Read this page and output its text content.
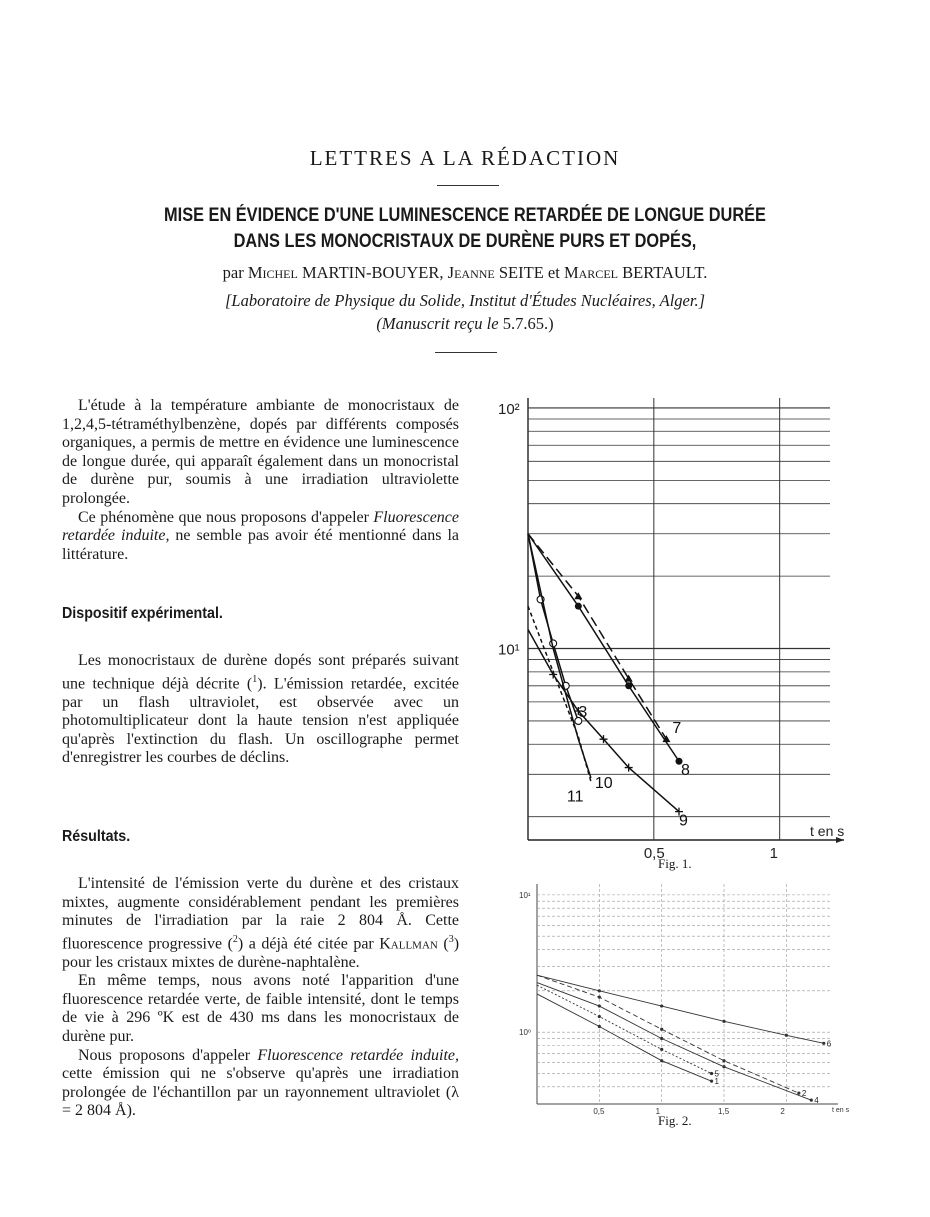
LETTRES A LA RÉDACTION
MISE EN ÉVIDENCE D'UNE LUMINESCENCE RETARDÉE DE LONGUE DURÉE
DANS LES MONOCRISTAUX DE DURÈNE PURS ET DOPÉS,
par Michel MARTIN-BOUYER, Jeanne SEITE et Marcel BERTAULT.
[Laboratoire de Physique du Solide, Institut d'Études Nucléaires, Alger.]
(Manuscrit reçu le 5.7.65.)

L'étude à la température ambiante de monocristaux de 1,2,4,5-tétraméthylbenzène, dopés par différents composés organiques, a permis de mettre en évidence une luminescence de longue durée, qui apparaît également dans un monocristal de durène pur, soumis à une irradiation ultraviolette prolongée.

Ce phénomène que nous proposons d'appeler Fluorescence retardée induite, ne semble pas avoir été mentionné dans la littérature.

Dispositif expérimental.

Les monocristaux de durène dopés sont préparés suivant une technique déjà décrite ($^1$). L'émission retardée, excitée par un flash ultraviolet, est observée avec un photomultiplicateur dont la haute tension n'est appliquée qu'après l'extinction du flash. Un oscillographe permet d'enregistrer les courbes de déclins.

Résultats.

L'intensité de l'émission verte du durène et des cristaux mixtes, augmente considérablement pendant les premières minutes de l'irradiation par la raie 2 804 Å. Cette fluorescence progressive ($^2$) a déjà été citée par Kallman ($^3$) pour les cristaux mixtes de durène-naphtalène.

En même temps, nous avons noté l'apparition d'une fluorescence retardée verte, de faible intensité, dont le temps de vie à 296 ºK est de 430 ms dans les monocristaux de durène pur.

Nous proposons d'appeler Fluorescence retardée induite, cette émission qui ne s'observe qu'après une irradiation prolongée de l'échantillon par un rayonnement ultraviolet (λ = 2 804 Å).

10²
10¹
0,5	1
t en s
3
7
8
9
10
11
Fig. 1.
10¹
10⁰
0,5	1	1,5	2	t en s
6
2
4
5
1
Fig. 2.
